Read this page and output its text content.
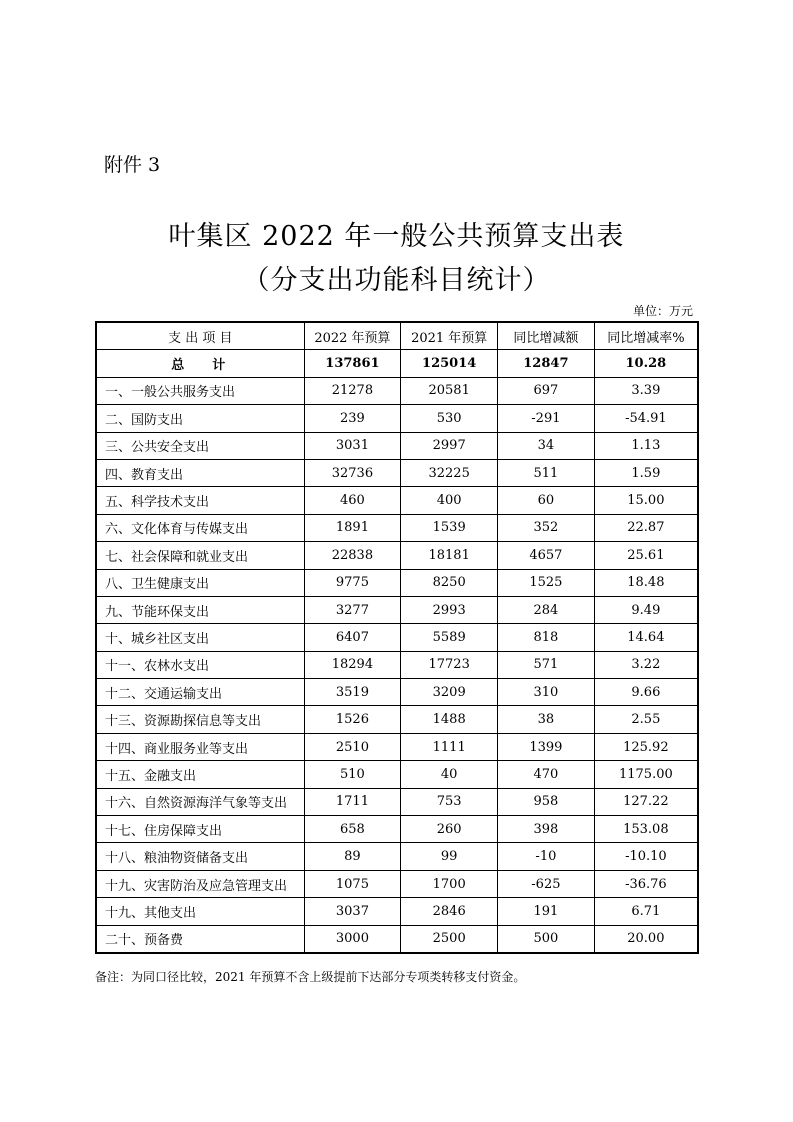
附件 3
叶集区 2022 年一般公共预算支出表
（分支出功能科目统计）
单位：万元
支 出 项 目	2022 年预算	2021 年预算	同比增减额	同比增减率%
总计	137861	125014	12847	10.28
一、一般公共服务支出	21278	20581	697	3.39
二、国防支出	239	530	-291	-54.91
三、公共安全支出	3031	2997	34	1.13
四、教育支出	32736	32225	511	1.59
五、科学技术支出	460	400	60	15.00
六、文化体育与传媒支出	1891	1539	352	22.87
七、社会保障和就业支出	22838	18181	4657	25.61
八、卫生健康支出	9775	8250	1525	18.48
九、节能环保支出	3277	2993	284	9.49
十、城乡社区支出	6407	5589	818	14.64
十一、农林水支出	18294	17723	571	3.22
十二、交通运输支出	3519	3209	310	9.66
十三、资源勘探信息等支出	1526	1488	38	2.55
十四、商业服务业等支出	2510	1111	1399	125.92
十五、金融支出	510	40	470	1175.00
十六、自然资源海洋气象等支出	1711	753	958	127.22
十七、住房保障支出	658	260	398	153.08
十八、粮油物资储备支出	89	99	-10	-10.10
十九、灾害防治及应急管理支出	1075	1700	-625	-36.76
十九、其他支出	3037	2846	191	6.71
二十、预备费	3000	2500	500	20.00
备注：为同口径比较，2021 年预算不含上级提前下达部分专项类转移支付资金。
